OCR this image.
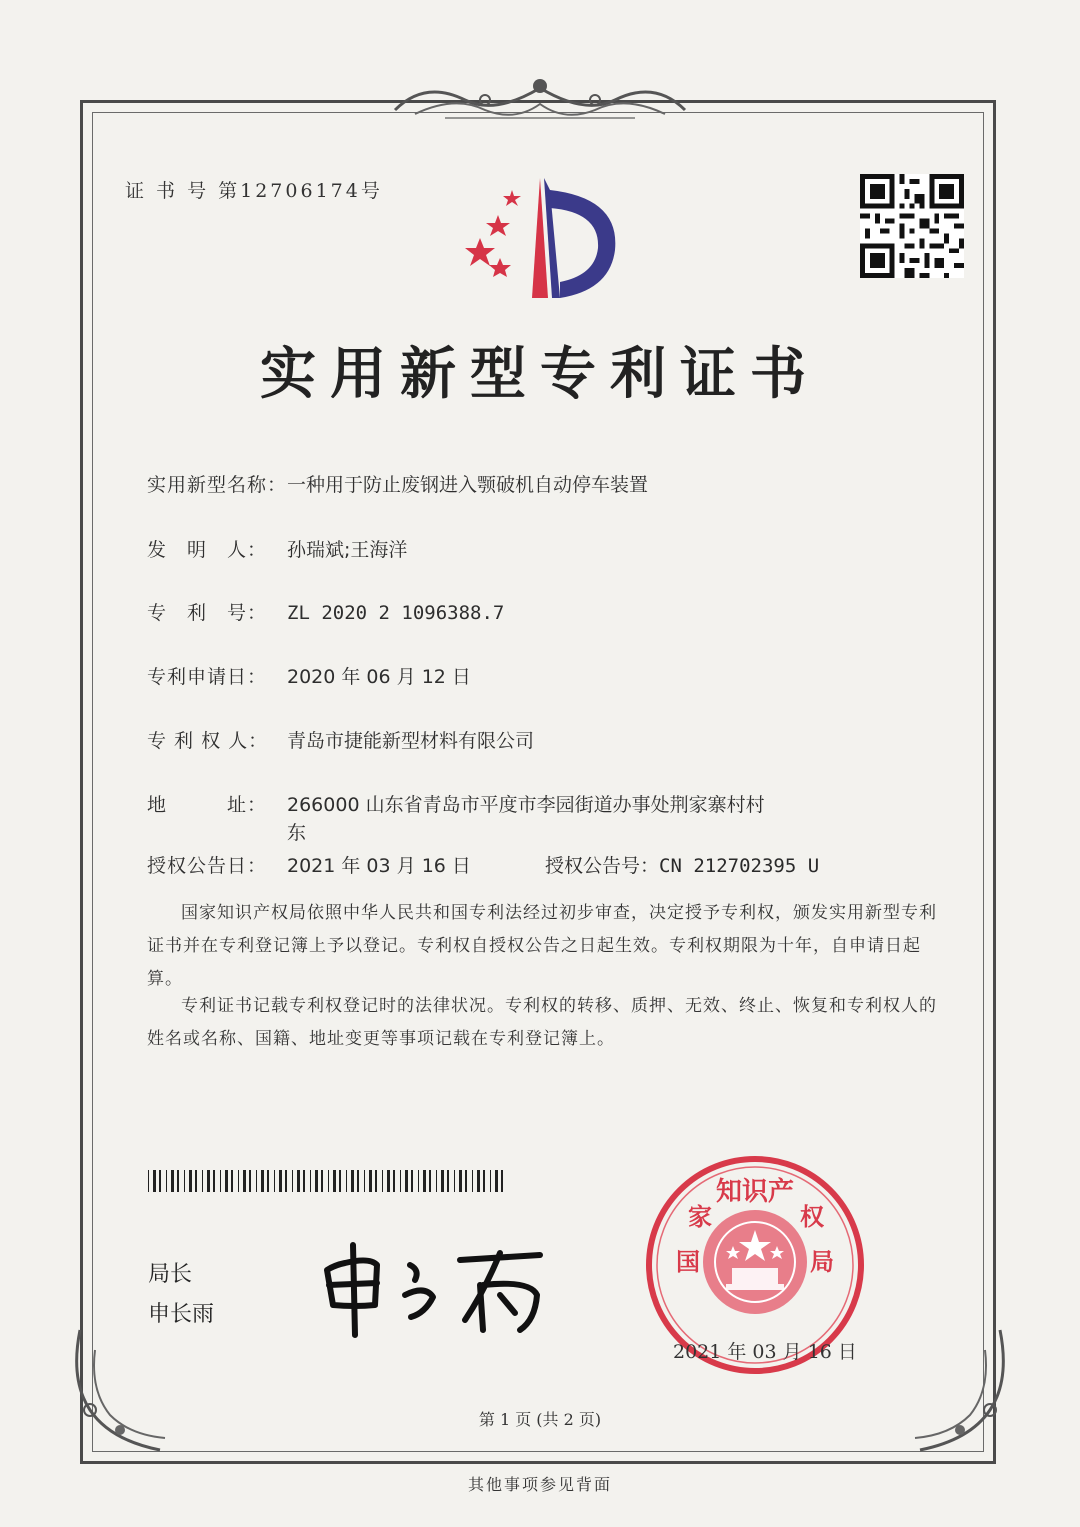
证 书 号 第12706174号
实用新型专利证书
实用新型名称：一种用于防止废钢进入颚破机自动停车装置
发　明　人： 孙瑞斌;王海洋
专　利　号： ZL 2020 2 1096388.7
专利申请日： 2020 年 06 月 12 日
专 利 权 人： 青岛市捷能新型材料有限公司
地　　　址： 266000 山东省青岛市平度市李园街道办事处荆家寨村村
东
授权公告日： 2021 年 03 月 16 日	授权公告号：CN 212702395 U
国家知识产权局依照中华人民共和国专利法经过初步审查，决定授予专利权，颁发实用新型专利证书并在专利登记簿上予以登记。专利权自授权公告之日起生效。专利权期限为十年，自申请日起算。
专利证书记载专利权登记时的法律状况。专利权的转移、质押、无效、终止、恢复和专利权人的姓名或名称、国籍、地址变更等事项记载在专利登记簿上。
局长
申长雨
知识产
国
家
局
权
2021 年 03 月 16 日
第 1 页 (共 2 页)
其他事项参见背面
